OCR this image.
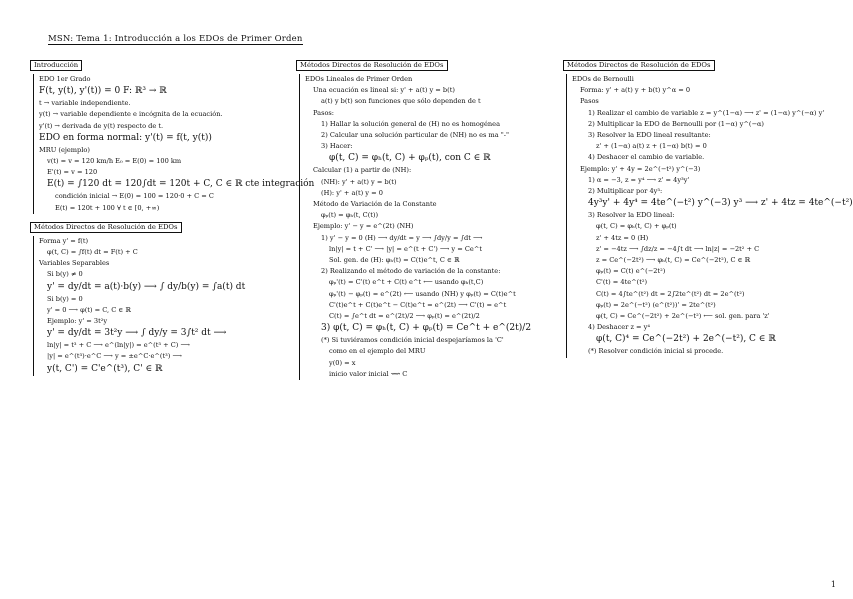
MSN: Tema 1: Introducción a los EDOs de Primer Orden
Introducción
EDO 1er Grado
F(t, y(t), y'(t)) = 0 F: ℝ³ → ℝ
t → variable independiente.
y(t) → variable dependiente e incógnita de la ecuación.
y'(t) → derivada de y(t) respecto de t.
EDO en forma normal: y'(t) = f(t, y(t))
MRU (ejemplo)
v(t) = v = 120 km/h E₀ = E(0) = 100 km
E'(t) = v = 120
E(t) = ∫120 dt = 120∫dt = 120t + C, C ∈ ℝ cte integración
condición inicial → E(0) = 100 = 120·0 + C = C
E(t) = 120t + 100 ∀ t ∈ [0, +∞)
Métodos Directos de Resolución de EDOs
Forma y' = f(t)
φ(t, C) = ∫f(t) dt = F(t) + C
Variables Separables
Si b(y) ≠ 0
y' = dy/dt = a(t)·b(y) ⟶ ∫ dy/b(y) = ∫a(t) dt
Si b(y) = 0
y' = 0 ⟶ φ(t) = C, C ∈ ℝ
Ejemplo: y' = 3t²y
y' = dy/dt = 3t²y ⟶ ∫ dy/y = 3∫t² dt ⟶
ln|y| = t³ + C ⟶ e^(ln|y|) = e^(t³ + C) ⟶
|y| = e^(t³)·e^C ⟶ y = ±e^C·e^(t³) ⟶
y(t, C') = C'e^(t³), C' ∈ ℝ
Métodos Directos de Resolución de EDOs
EDOs Lineales de Primer Orden
Una ecuación es lineal si: y' + a(t) y = b(t)
a(t) y b(t) son funciones que sólo dependen de t
Pasos:
1) Hallar la solución general de (H) no es homogénea
2) Calcular una solución particular de (NH) no es ma "-"
3) Hacer:
φ(t, C) = φₕ(t, C) + φₚ(t), con C ∈ ℝ
Calcular (1) a partir de (NH):
(NH): y' + a(t) y = b(t)
(H): y' + a(t) y = 0
Método de Variación de la Constante
φₚ(t) = φₕ(t, C(t))
Ejemplo: y' − y = e^(2t) (NH)
1) y' − y = 0 (H) ⟶ dy/dt = y ⟶ ∫dy/y = ∫dt ⟶
ln|y| = t + C' ⟶ |y| = e^(t + C') ⟶ y = Ce^t
Sol. gen. de (H): φₕ(t) = C(t)e^t, C ∈ ℝ
2) Realizando el método de variación de la constante:
φₚ'(t) = C'(t) e^t + C(t) e^t ⟵ usando φₕ(t,C)
φₚ'(t) − φₚ(t) = e^(2t) ⟵ usando (NH) y φₚ(t) = C(t)e^t
C'(t)e^t + C(t)e^t − C(t)e^t = e^(2t) ⟶ C'(t) = e^t
C(t) = ∫e^t dt = e^(2t)/2 ⟶ φₚ(t) = e^(2t)/2
3) φ(t, C) = φₕ(t, C) + φₚ(t) = Ce^t + e^(2t)/2
(*) Si tuviéramos condición inicial despejaríamos la 'C'
como en el ejemplo del MRU
y(0) = x
inicio valor inicial ⟿ C
Métodos Directos de Resolución de EDOs
EDOs de Bernoulli
Forma: y' + a(t) y + b(t) y^α = 0
Pasos
1) Realizar el cambio de variable z = y^(1−α) ⟶ z' = (1−α) y^(−α) y'
2) Multiplicar la EDO de Bernoulli por (1−α) y^(−α)
3) Resolver la EDO lineal resultante:
z' + (1−α) a(t) z + (1−α) b(t) = 0
4) Deshacer el cambio de variable.
Ejemplo: y' + 4y = 2e^(−t²) y^(−3)
1) α = −3, z = y⁴ ⟶ z' = 4y³y'
2) Multiplicar por 4y³:
4y³y' + 4y⁴ = 4te^(−t²) y^(−3) y³ ⟶ z' + 4tz = 4te^(−t²)
3) Resolver la EDO lineal:
φ(t, C) = φₕ(t, C) + φₚ(t)
z' + 4tz = 0 (H)
z' = −4tz ⟶ ∫dz/z = −4∫t dt ⟶ ln|z| = −2t² + C
z = Ce^(−2t²) ⟶ φₕ(t, C) = Ce^(−2t²), C ∈ ℝ
φₚ(t) = C(t) e^(−2t²)
C'(t) = 4te^(t²)
C(t) = 4∫te^(t²) dt = 2∫2te^(t²) dt = 2e^(t²)
φₚ(t) = 2e^(−t²) (e^(t²))' = 2te^(t²)
φ(t, C) = Ce^(−2t²) + 2e^(−t²) ⟵ sol. gen. para 'z'
4) Deshacer z = y⁴
φ(t, C)⁴ = Ce^(−2t²) + 2e^(−t²), C ∈ ℝ
(*) Resolver condición inicial si procede.
1
